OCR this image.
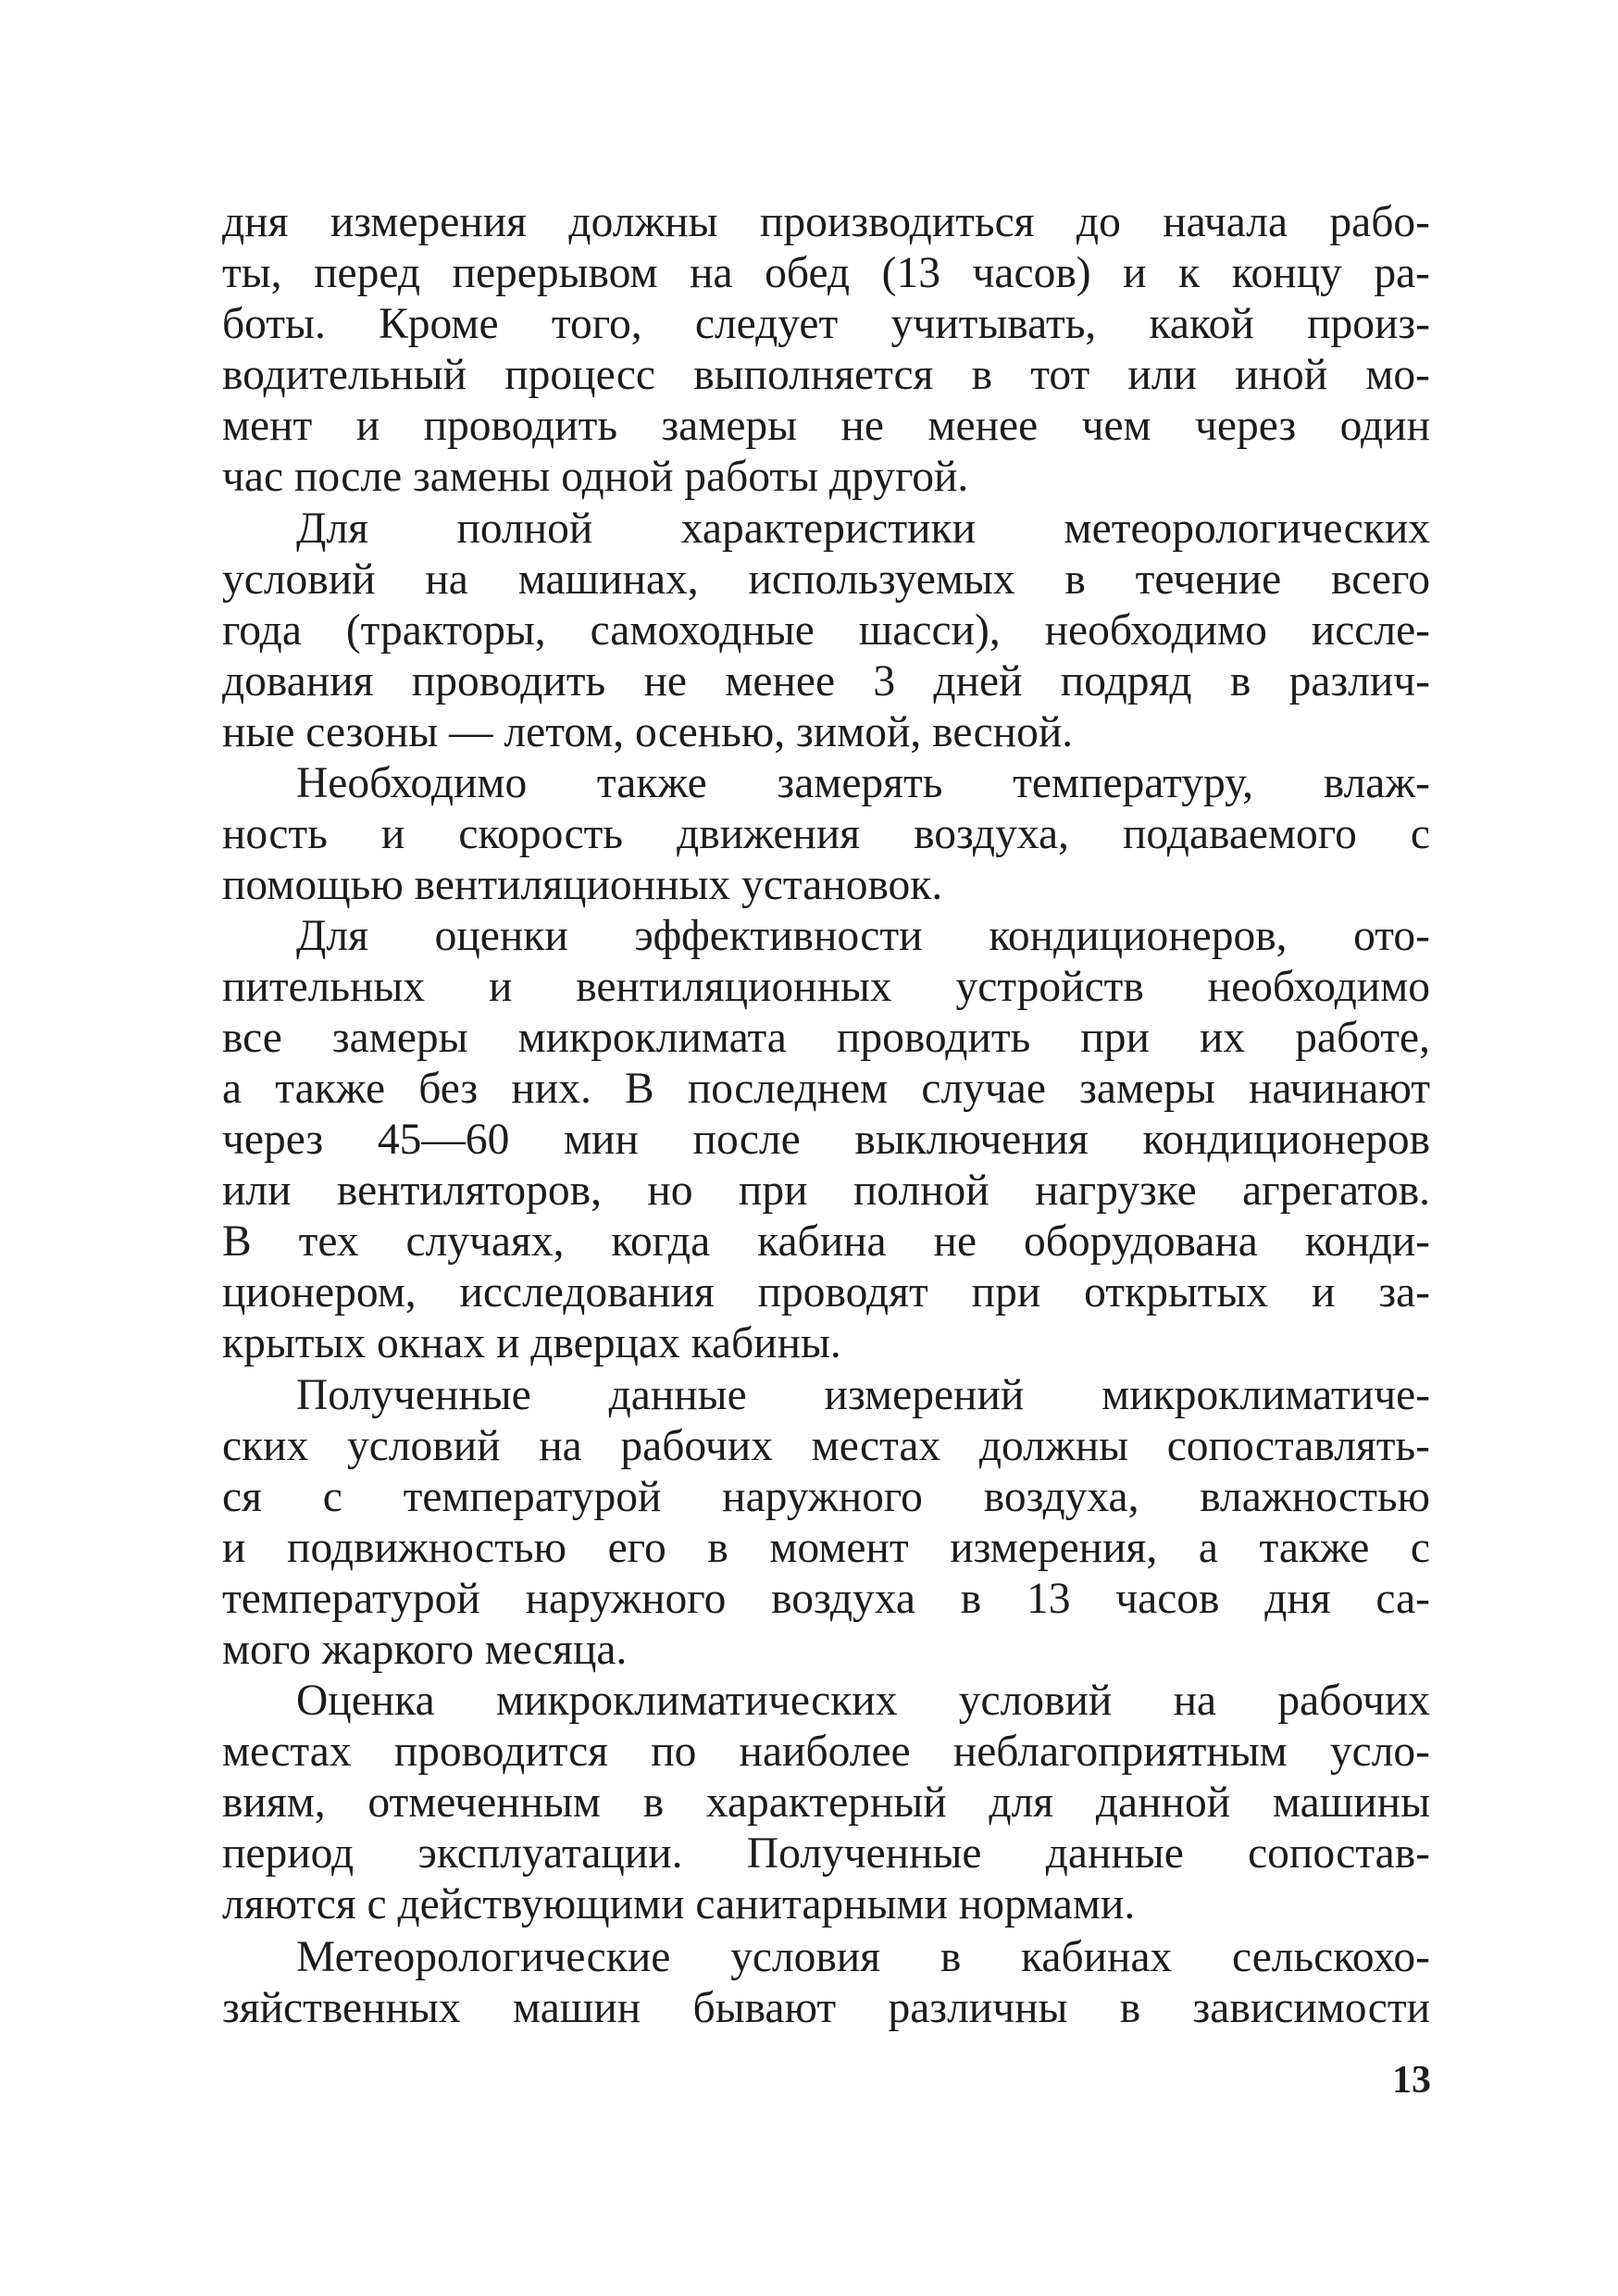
дня измерения должны производиться до начала рабо-
ты, перед перерывом на обед (13 часов) и к концу ра-
боты. Кроме того, следует учитывать, какой произ-
водительный процесс выполняется в тот или иной мо-
мент и проводить замеры не менее чем через один
час после замены одной работы другой.
Для полной характеристики метеорологических
условий на машинах, используемых в течение всего
года (тракторы, самоходные шасси), необходимо иссле-
дования проводить не менее 3 дней подряд в различ-
ные сезоны — летом, осенью, зимой, весной.
Необходимо также замерять температуру, влаж-
ность и скорость движения воздуха, подаваемого с
помощью вентиляционных установок.
Для оценки эффективности кондиционеров, ото-
пительных и вентиляционных устройств необходимо
все замеры микроклимата проводить при их работе,
а также без них. В последнем случае замеры начинают
через 45—60 мин после выключения кондиционеров
или вентиляторов, но при полной нагрузке агрегатов.
В тех случаях, когда кабина не оборудована конди-
ционером, исследования проводят при открытых и за-
крытых окнах и дверцах кабины.
Полученные данные измерений микроклиматиче-
ских условий на рабочих местах должны сопоставлять-
ся с температурой наружного воздуха, влажностью
и подвижностью его в момент измерения, а также с
температурой наружного воздуха в 13 часов дня са-
мого жаркого месяца.
Оценка микроклиматических условий на рабочих
местах проводится по наиболее неблагоприятным усло-
виям, отмеченным в характерный для данной машины
период эксплуатации. Полученные данные сопостав-
ляются с действующими санитарными нормами.
Метеорологические условия в кабинах сельскохо-
зяйственных машин бывают различны в зависимости
13
